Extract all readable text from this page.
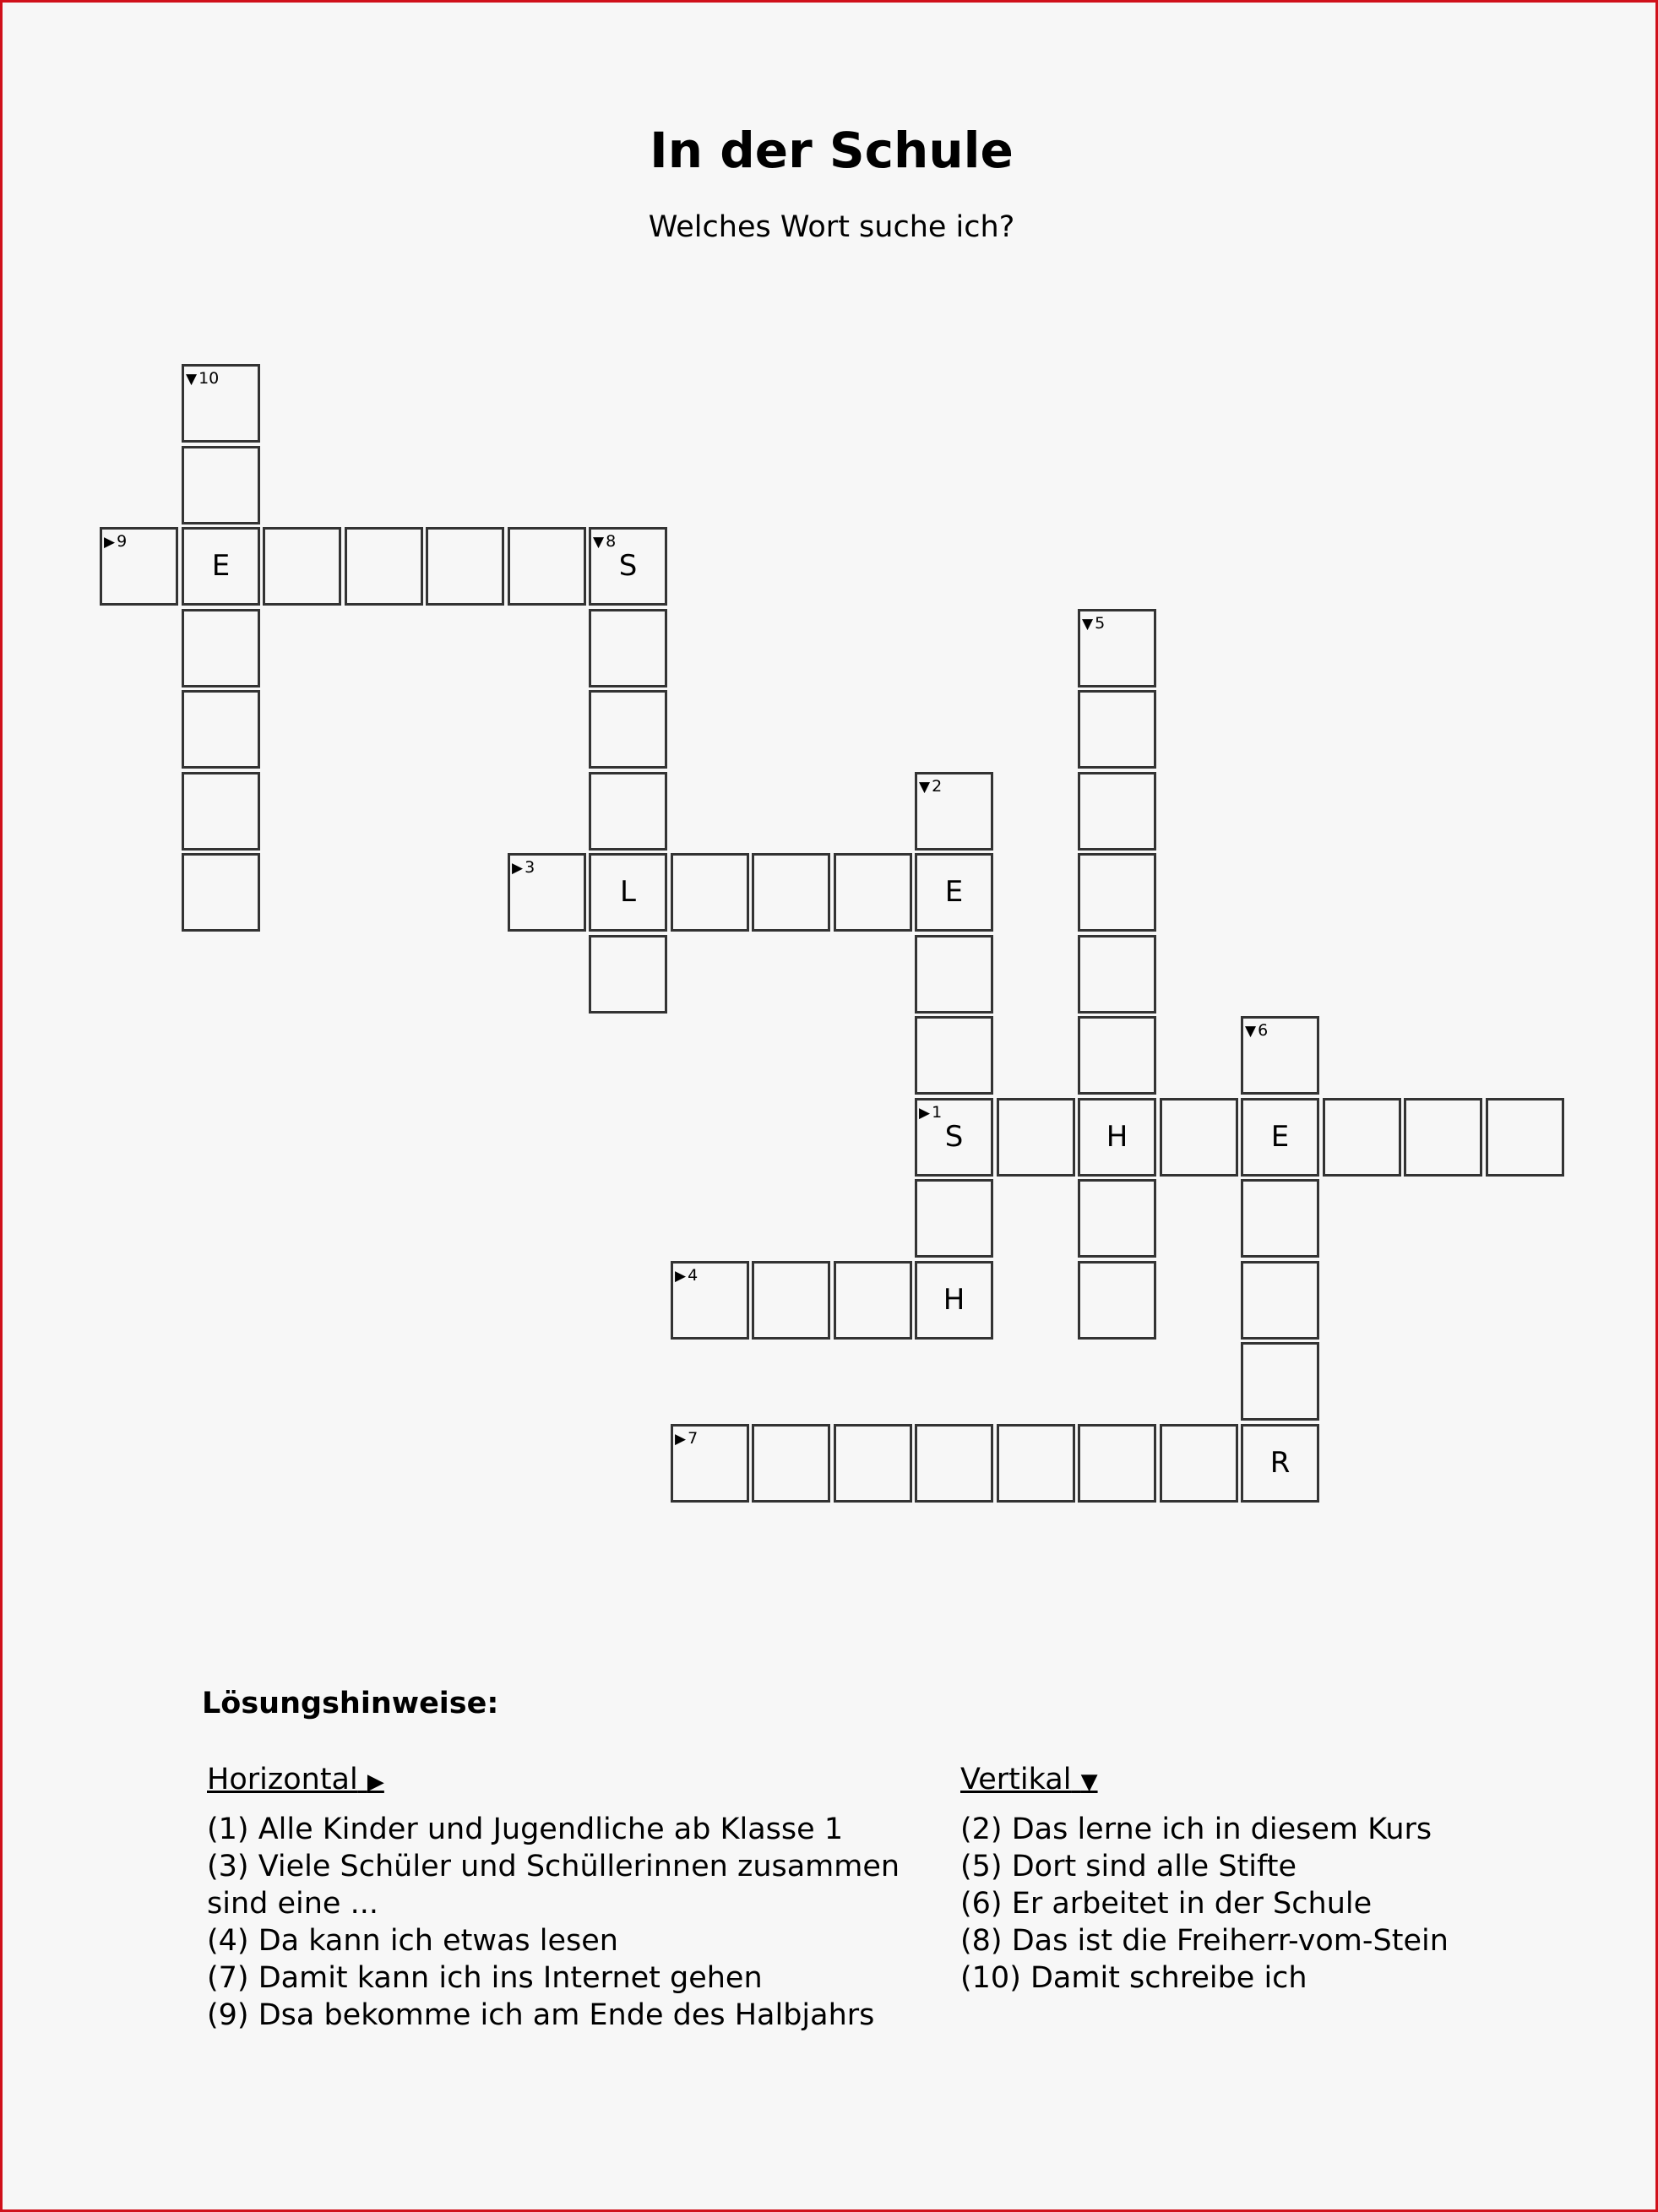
In der Schule
Welches Wort suche ich?
▼ 10
▶ 9
E
▼ 8
S
▼ 5
▼ 2
▶ 3
L	E
▼ 6
▶ 1
S	H	E
▶ 4
H
▶ 7
R
Lösungshinweise:
Horizontal ▶

(1) Alle Kinder und Jugendliche ab Klasse 1

(3) Viele Schüler und Schüllerinnen zusammen sind eine ...

(4) Da kann ich etwas lesen

(7) Damit kann ich ins Internet gehen

(9) Dsa bekomme ich am Ende des Halbjahrs

Vertikal ▼

(2) Das lerne ich in diesem Kurs

(5) Dort sind alle Stifte

(6) Er arbeitet in der Schule

(8) Das ist die Freiherr-vom-Stein

(10) Damit schreibe ich
